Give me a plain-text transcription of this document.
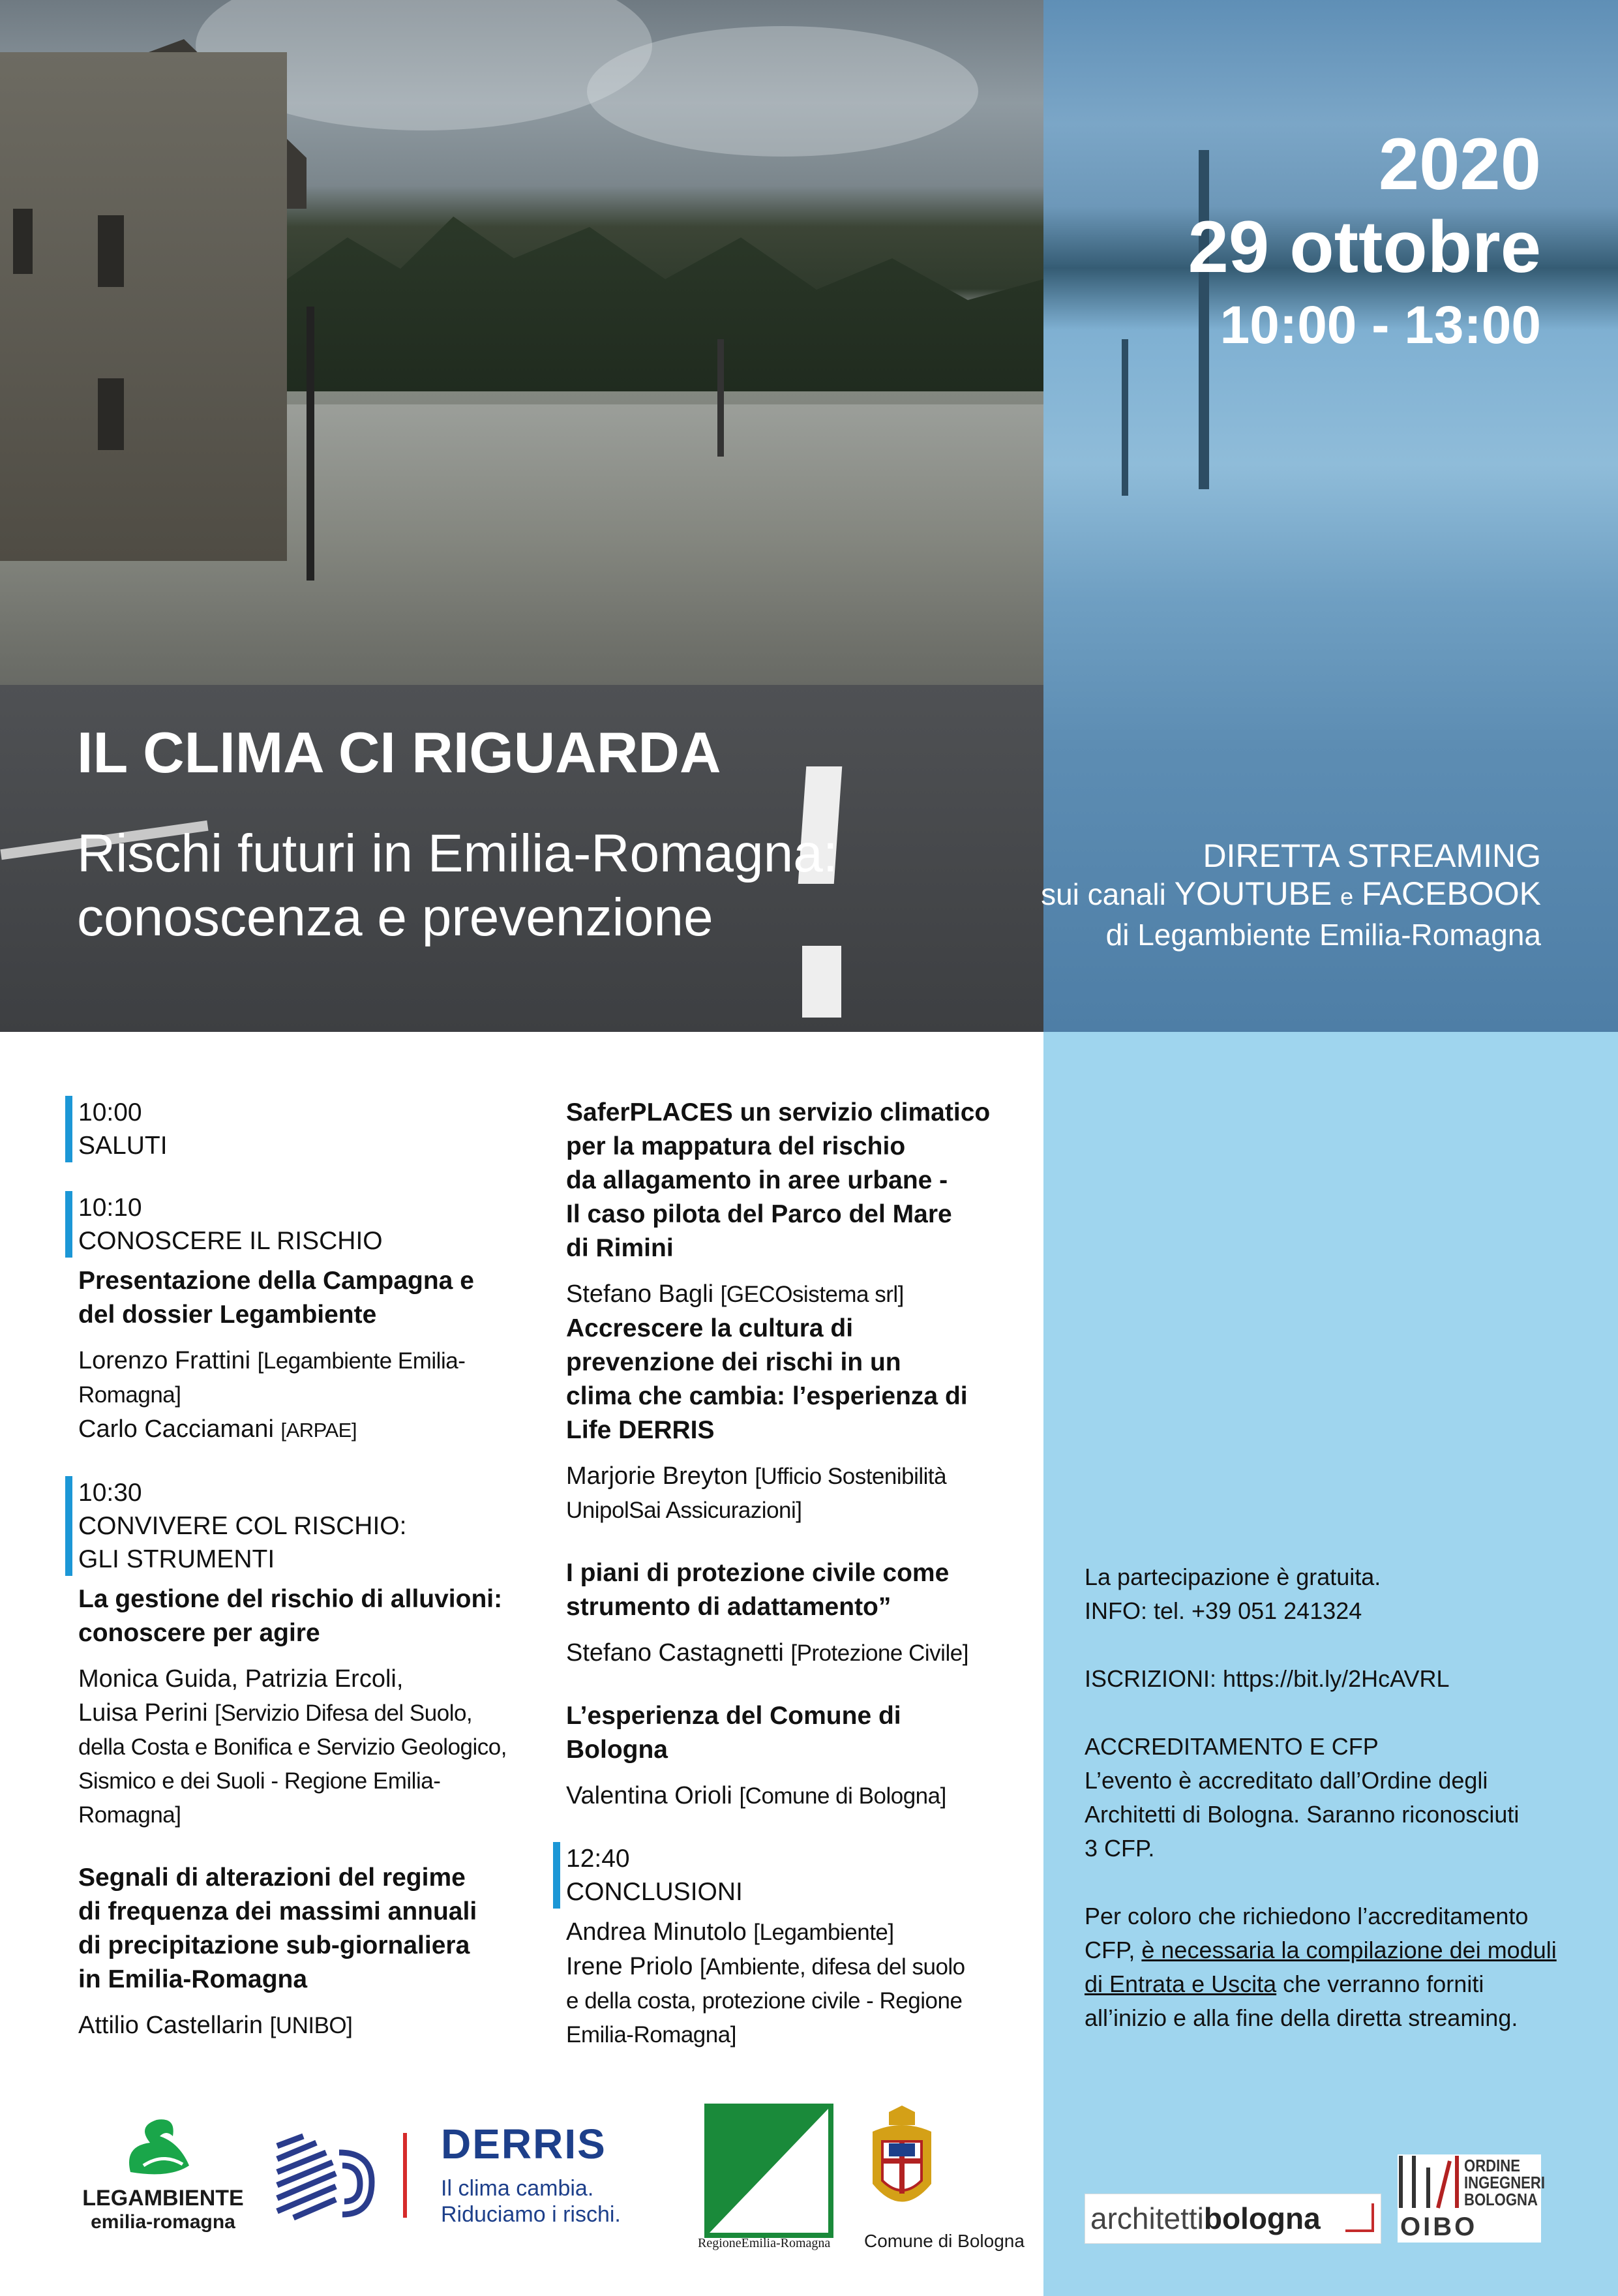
2020
29 ottobre
10:00 - 13:00
IL CLIMA CI RIGUARDA
Rischi futuri in Emilia-Romagna:
conoscenza e prevenzione
DIRETTA STREAMING
sui canali YOUTUBE e FACEBOOK
di Legambiente Emilia-Romagna
10:00
SALUTI
10:10
CONOSCERE IL RISCHIO
Presentazione della Campagna e
del dossier Legambiente
Lorenzo Frattini [Legambiente Emilia-
Romagna]
Carlo Cacciamani [ARPAE]
10:30
CONVIVERE COL RISCHIO:
GLI STRUMENTI
La gestione del rischio di alluvioni:
conoscere per agire
Monica Guida, Patrizia Ercoli,
Luisa Perini [Servizio Difesa del Suolo,
della Costa e Bonifica e Servizio Geologico,
Sismico e dei Suoli - Regione Emilia-
Romagna]
Segnali di alterazioni del regime
di frequenza dei massimi annuali
di precipitazione sub-giornaliera
in Emilia-Romagna
Attilio Castellarin [UNIBO]
SaferPLACES un servizio climatico
per la mappatura del rischio
da allagamento in aree urbane -
Il caso pilota del Parco del Mare
di Rimini
Stefano Bagli [GECOsistema srl]
Accrescere la cultura di
prevenzione dei rischi in un
clima che cambia: l’esperienza di
Life DERRIS
Marjorie Breyton [Ufficio Sostenibilità
UnipolSai Assicurazioni]
I piani di protezione civile come
strumento di adattamento”
Stefano Castagnetti [Protezione Civile]
L’esperienza del Comune di
Bologna
Valentina Orioli [Comune di Bologna]
12:40
CONCLUSIONI
Andrea Minutolo [Legambiente]
Irene Priolo [Ambiente, difesa del suolo
e della costa, protezione civile - Regione
Emilia-Romagna]

La partecipazione è gratuita.

INFO: tel. +39 051 241324

ISCRIZIONI: https://bit.ly/2HcAVRL

ACCREDITAMENTO E CFP

L’evento è accreditato dall’Ordine degli

Architetti di Bologna. Saranno riconosciuti

3 CFP.

Per coloro che richiedono l’accreditamento

CFP, è necessaria la compilazione dei moduli

di Entrata e Uscita che verranno forniti

all’inizio e alla fine della diretta streaming.

LEGAMBIENTE
emilia-romagna
DERRIS
Il clima cambia.
Riduciamo i rischi.
RegioneEmilia-Romagna Comune di Bologna
architettibologna
ORDINE
INGEGNERI
BOLOGNA
OIBO
